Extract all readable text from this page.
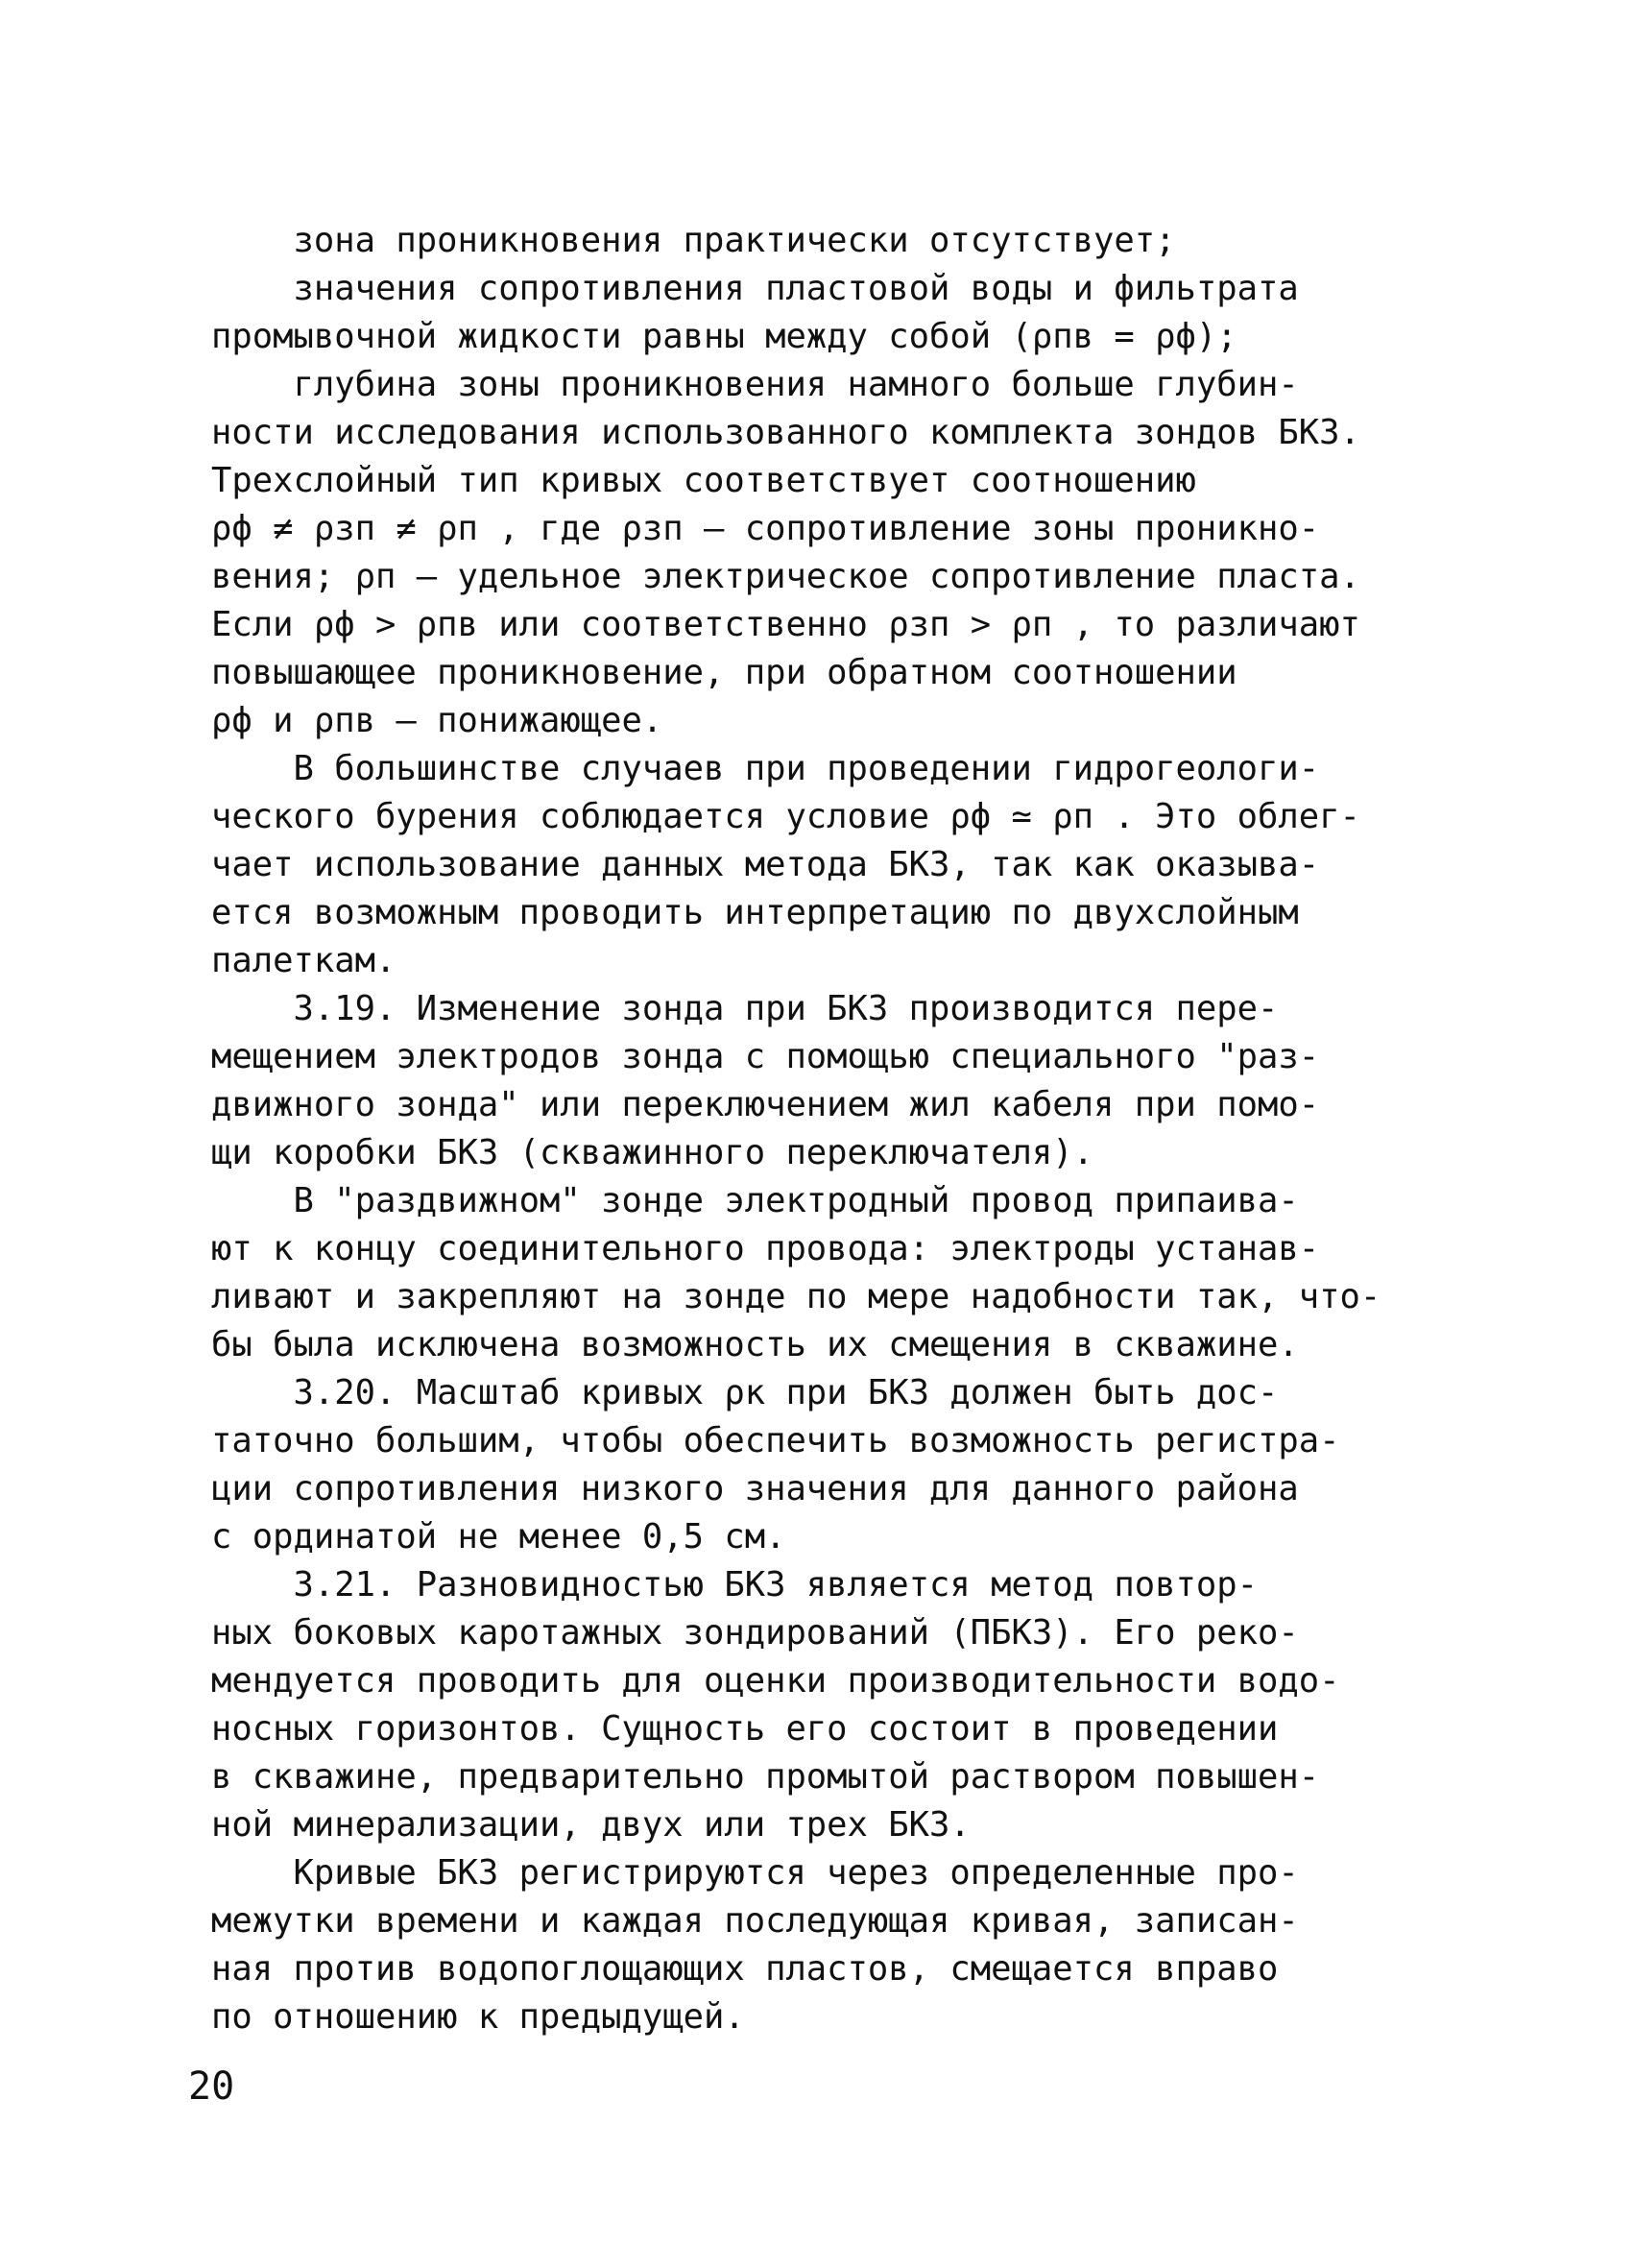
зона проникновения практически отсутствует;
значения сопротивления пластовой воды и фильтрата
промывочной жидкости равны между собой (ρпв = ρф);
глубина зоны проникновения намного больше глубин-
ности исследования использованного комплекта зондов БКЗ.
Трехслойный тип кривых соответствует соотношению
ρф ≠ ρзп ≠ ρп , где ρзп – сопротивление зоны проникно-
вения; ρп – удельное электрическое сопротивление пласта.
Если ρф > ρпв или соответственно ρзп > ρп , то различают
повышающее проникновение, при обратном соотношении
ρф и ρпв – понижающее.
В большинстве случаев при проведении гидрогеологи-
ческого бурения соблюдается условие ρф ≃ ρп . Это облег-
чает использование данных метода БКЗ, так как оказыва-
ется возможным проводить интерпретацию по двухслойным
палеткам.
3.19. Изменение зонда при БКЗ производится пере-
мещением электродов зонда с помощью специального "раз-
движного зонда" или переключением жил кабеля при помо-
щи коробки БКЗ (скважинного переключателя).
В "раздвижном" зонде электродный провод припаива-
ют к концу соединительного провода: электроды устанав-
ливают и закрепляют на зонде по мере надобности так, что-
бы была исключена возможность их смещения в скважине.
3.20. Масштаб кривых ρк при БКЗ должен быть дос-
таточно большим, чтобы обеспечить возможность регистра-
ции сопротивления низкого значения для данного района
с ординатой не менее 0,5 см.
3.21. Разновидностью БКЗ является метод повтор-
ных боковых каротажных зондирований (ПБКЗ). Его реко-
мендуется проводить для оценки производительности водо-
носных горизонтов. Сущность его состоит в проведении
в скважине, предварительно промытой раствором повышен-
ной минерализации, двух или трех БКЗ.
Кривые БКЗ регистрируются через определенные про-
межутки времени и каждая последующая кривая, записан-
ная против водопоглощающих пластов, смещается вправо
по отношению к предыдущей.
20
